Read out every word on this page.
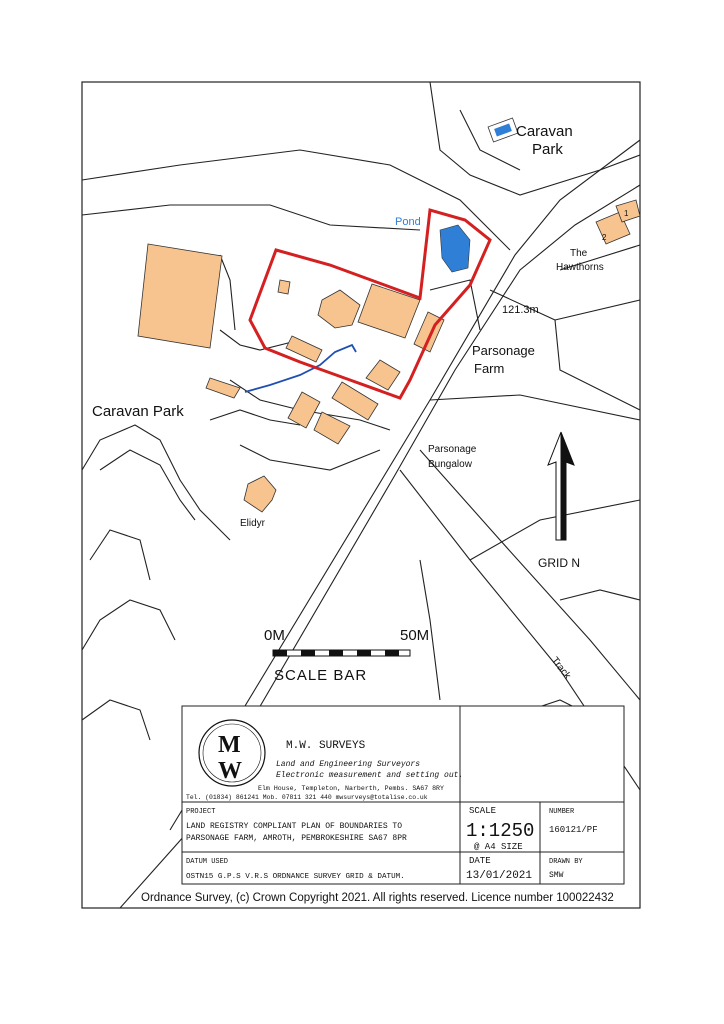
Caravan
Park
Pond
2
1
The
Hawthorns
121.3m
Parsonage
Farm
Caravan Park
Parsonage
Bungalow
Elidyr
Track
GRID N
0M	50M
SCALE BAR
M
W
M.W. SURVEYS
Land and Engineering Surveyors
Electronic measurement and setting out.
Elm House, Templeton, Narberth, Pembs. SA67 8RY
Tel. (01834) 861241 Mob. 07811 321 440 mwsurveys@totalise.co.uk
PROJECT
LAND REGISTRY COMPLIANT PLAN OF BOUNDARIES TO
PARSONAGE FARM, AMROTH, PEMBROKESHIRE SA67 8PR
SCALE
1:1250
@ A4 SIZE
NUMBER
160121/PF
DATUM USED
OSTN15 G.P.S V.R.S ORDNANCE SURVEY GRID & DATUM.
DATE
13/01/2021
DRAWN BY
SMW
Ordnance Survey, (c) Crown Copyright 2021. All rights reserved. Licence number 100022432
